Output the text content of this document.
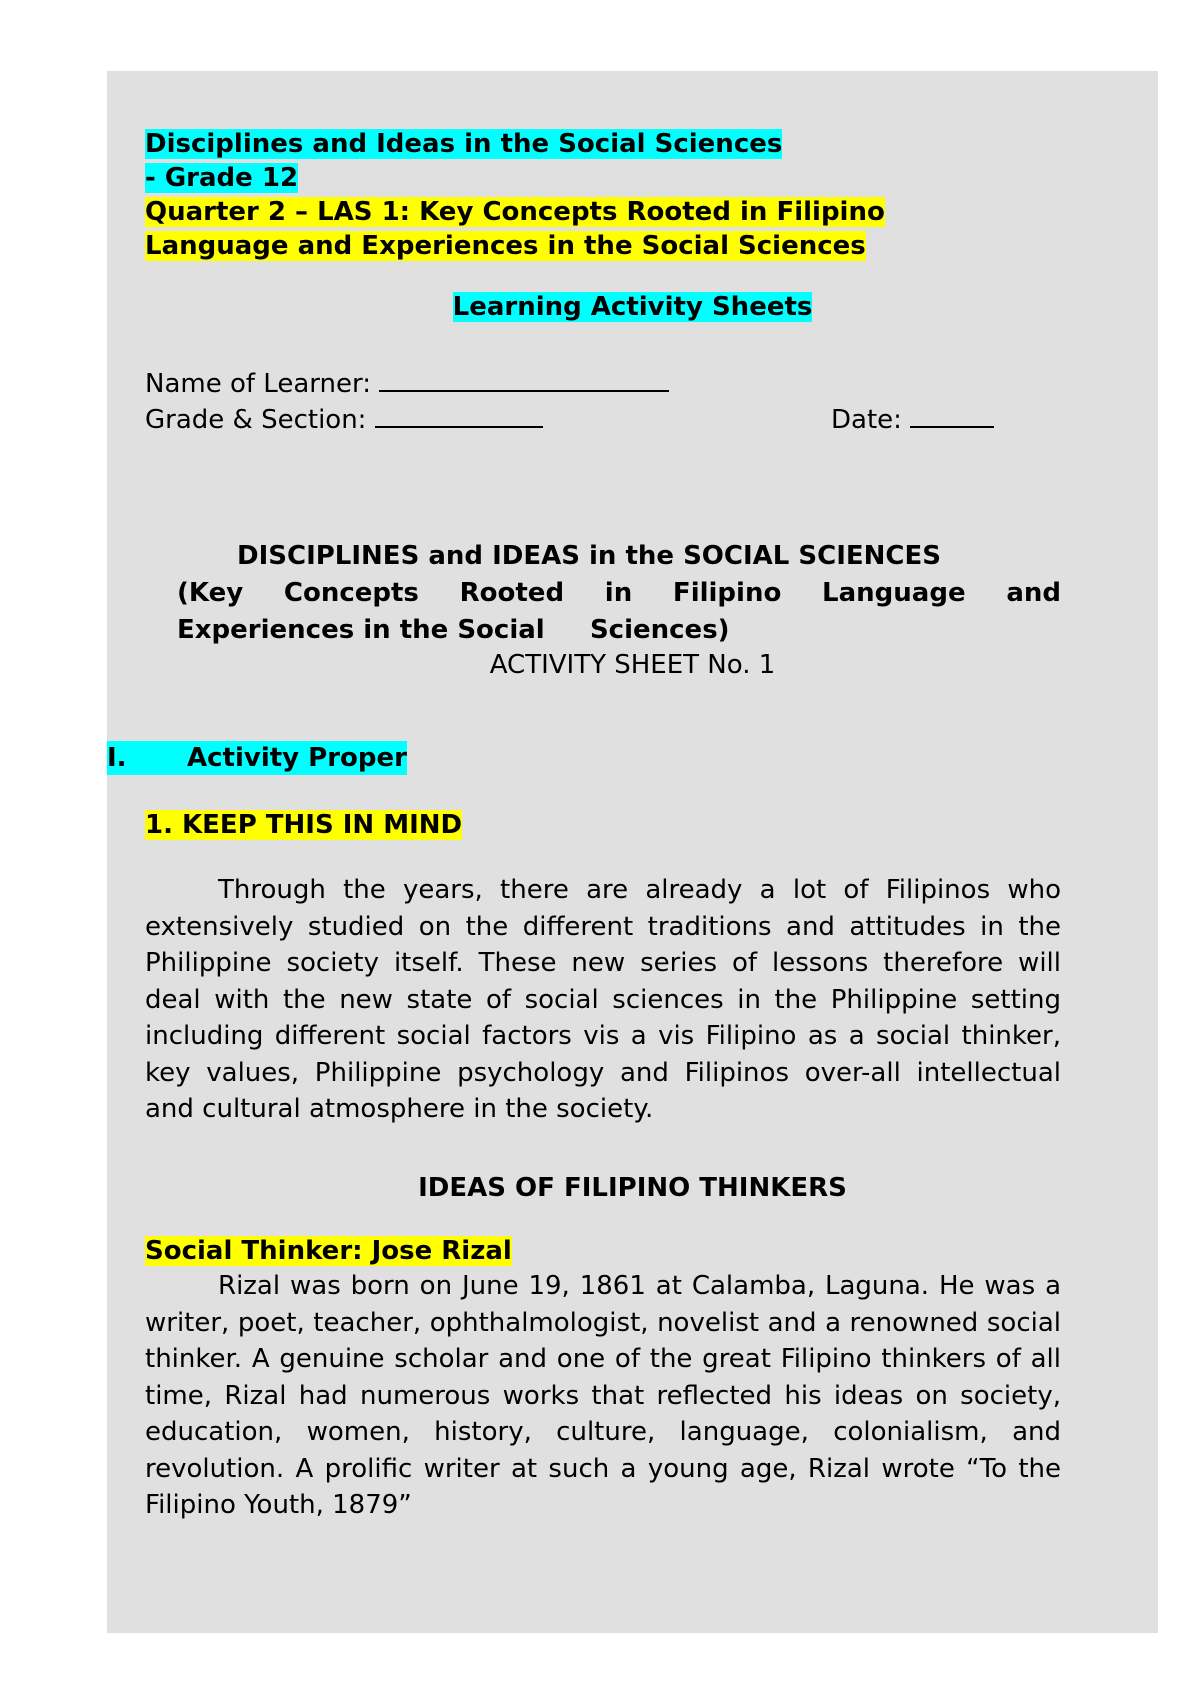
Disciplines and Ideas in the Social Sciences
- Grade 12
Quarter 2 – LAS 1: Key Concepts Rooted in Filipino
Language and Experiences in the Social Sciences
Learning Activity Sheets
Name of Learner:
Grade & Section:	Date:
DISCIPLINES and IDEAS in the SOCIAL SCIENCES
(Key Concepts Rooted in Filipino Language and
Experiences in the Social     Sciences)
ACTIVITY SHEET No. 1
I. Activity Proper
1. KEEP THIS IN MIND
Through the years, there are already a lot of Filipinos who extensively studied on the different traditions and attitudes in the Philippine society itself. These new series of lessons therefore will deal with the new state of social sciences in the Philippine setting including different social factors vis a vis Filipino as a social thinker, key values, Philippine psychology and Filipinos over-all intellectual and cultural atmosphere in the society.
IDEAS OF FILIPINO THINKERS
Social Thinker: Jose Rizal
Rizal was born on June 19, 1861 at Calamba, Laguna. He was a writer, poet, teacher, ophthalmologist, novelist and a renowned social thinker. A genuine scholar and one of the great Filipino thinkers of all time, Rizal had numerous works that reflected his ideas on society, education, women, history, culture, language, colonialism, and revolution. A prolific writer at such a young age, Rizal wrote “To the Filipino Youth, 1879”
